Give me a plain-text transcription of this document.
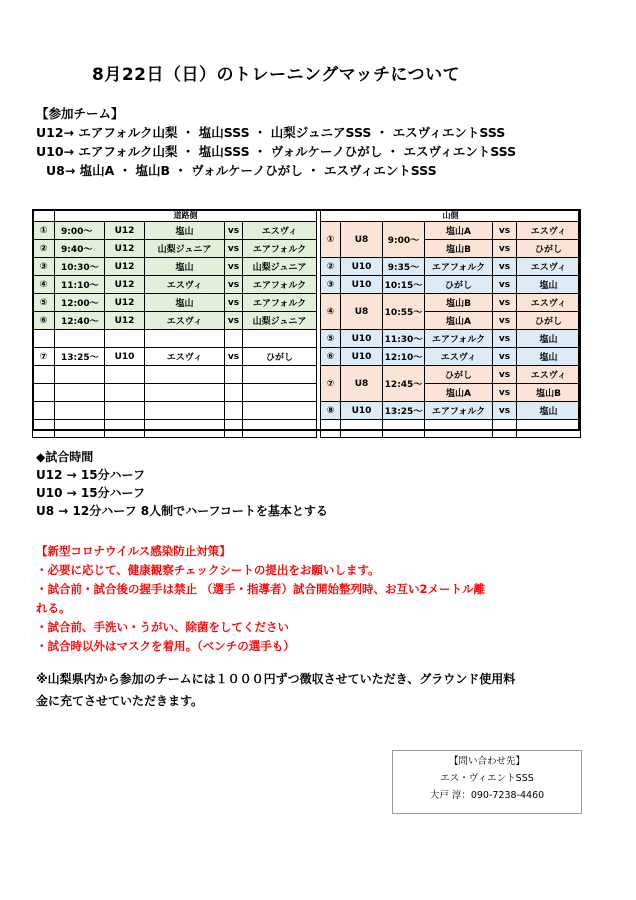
8月22日（日）のトレーニングマッチについて
【参加チーム】
U12→ エアフォルク山梨 ・ 塩山SSS ・ 山梨ジュニアSSS ・ エスヴィエントSSS
U10→ エアフォルク山梨 ・ 塩山SSS ・ ヴォルケーノひがし ・ エスヴィエントSSS
U8→ 塩山A ・ 塩山B ・ ヴォルケーノひがし ・ エスヴィエントSSS
	道路側				
①	9:00～	U12	塩山	vs	エスヴィ
②	9:40～	U12	山梨ジュニア	vs	エアフォルク
③	10:30～	U12	塩山	vs	山梨ジュニア
④	11:10～	U12	エスヴィ	vs	エアフォルク
⑤	12:00～	U12	塩山	vs	エアフォルク
⑥	12:40～	U12	エスヴィ	vs	山梨ジュニア

⑦	13:25～	U10	エスヴィ	vs	ひがし

山側					
①	U8	9:00～	塩山A	vs	エスヴィ
			塩山B	vs	ひがし
②	U10	9:35～	エアフォルク	vs	エスヴィ
③	U10	10:15～	ひがし	vs	塩山
④	U8	10:55～	塩山B	vs	エスヴィ
			塩山A	vs	ひがし
⑤	U10	11:30～	エアフォルク	vs	塩山
⑥	U10	12:10～	エスヴィ	vs	塩山
⑦	U8	12:45～	ひがし	vs	エスヴィ
			塩山A	vs	塩山B
⑧	U10	13:25～	エアフォルク	vs	塩山

◆試合時間
U12 → 15分ハーフ
U10 → 15分ハーフ
U8 → 12分ハーフ 8人制でハーフコートを基本とする
【新型コロナウイルス感染防止対策】
・必要に応じて、健康観察チェックシートの提出をお願いします。
・試合前・試合後の握手は禁止 （選手・指導者）試合開始整列時、お互い2メートル離
れる。
・試合前、手洗い・うがい、除菌をしてください
・試合時以外はマスクを着用。（ベンチの選手も）
※山梨県内から参加のチームには１０００円ずつ徴収させていただき、グラウンド使用料金に充てさせていただきます。
【問い合わせ先】
エス・ヴィエントSSS
大戸 淳：090-7238-4460
